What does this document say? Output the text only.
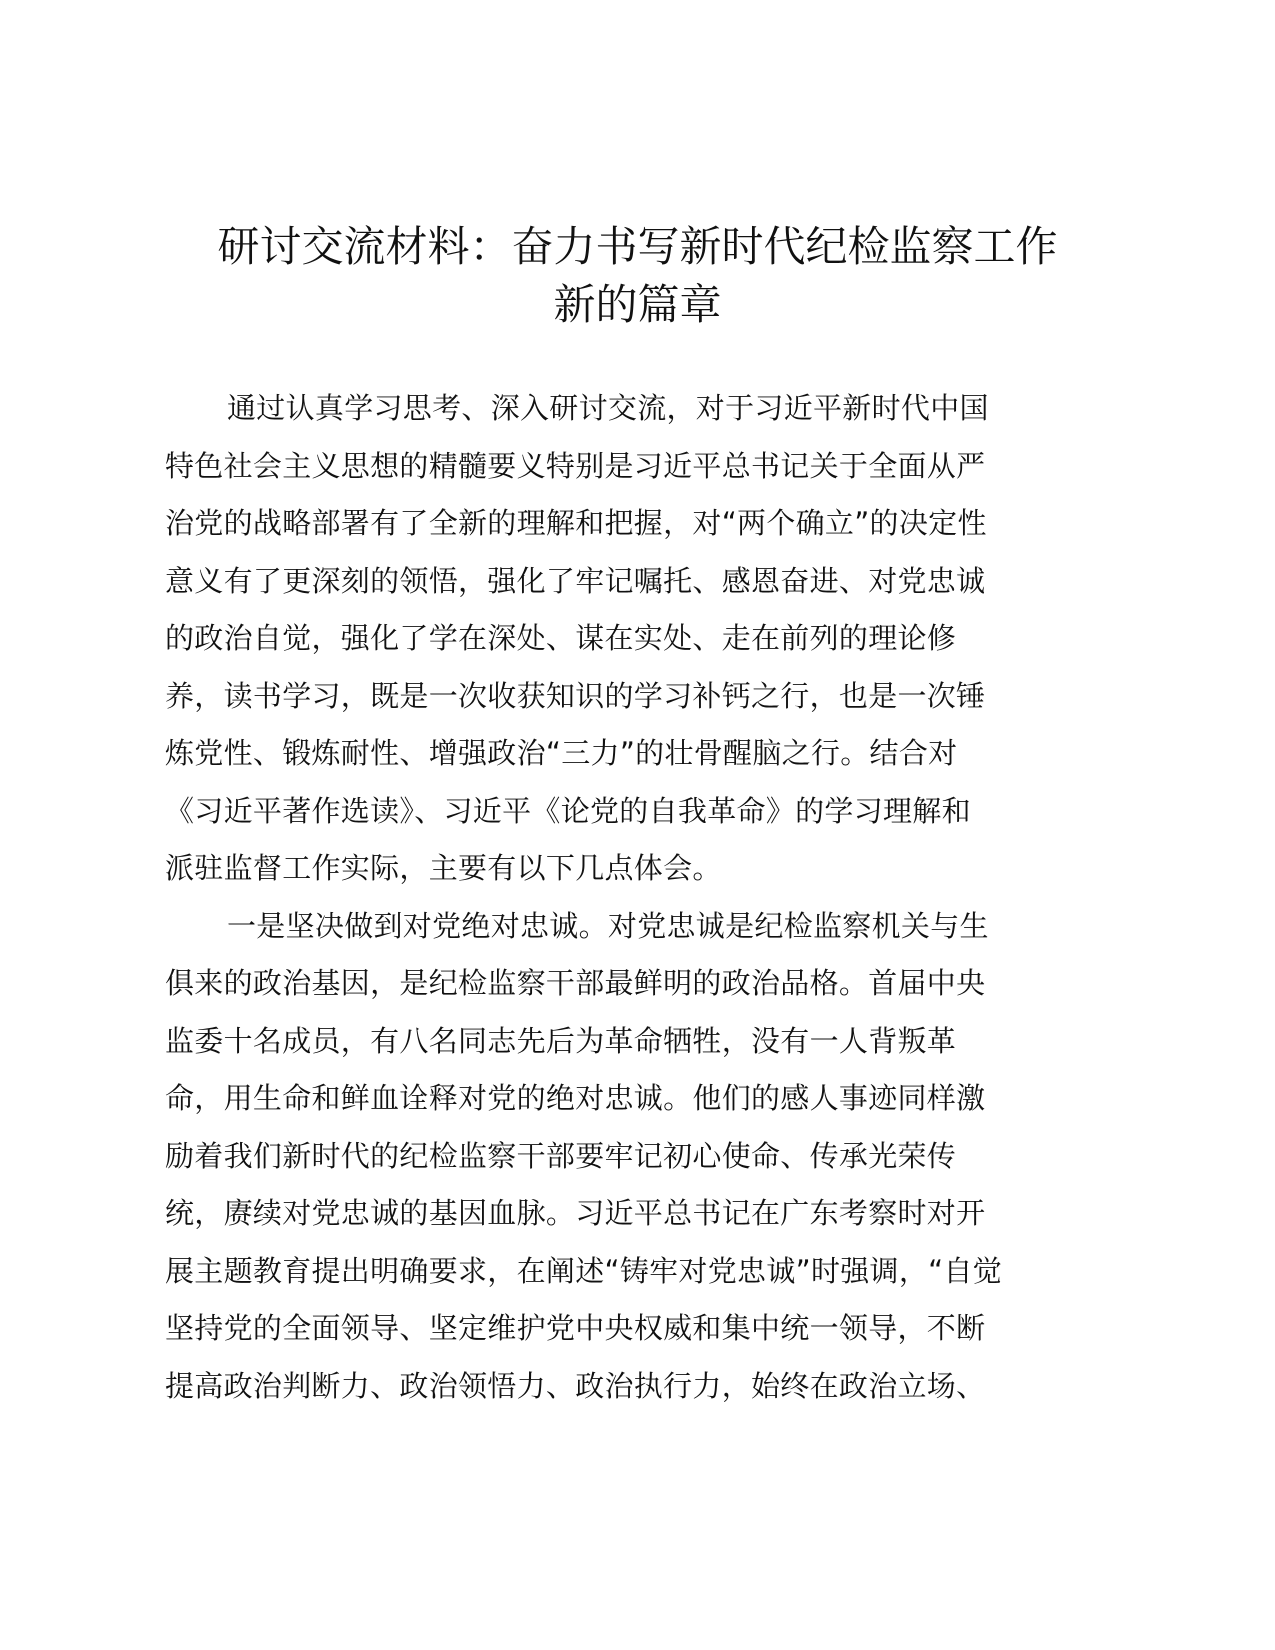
研讨交流材料：奋力书写新时代纪检监察工作
新的篇章
通过认真学习思考、深入研讨交流，对于习近平新时代中国
特色社会主义思想的精髓要义特别是习近平总书记关于全面从严
治党的战略部署有了全新的理解和把握，对“两个确立”的决定性
意义有了更深刻的领悟，强化了牢记嘱托、感恩奋进、对党忠诚
的政治自觉，强化了学在深处、谋在实处、走在前列的理论修
养，读书学习，既是一次收获知识的学习补钙之行，也是一次锤
炼党性、锻炼耐性、增强政治“三力”的壮骨醒脑之行。结合对
《习近平著作选读》、习近平《论党的自我革命》的学习理解和
派驻监督工作实际，主要有以下几点体会。
一是坚决做到对党绝对忠诚。对党忠诚是纪检监察机关与生
俱来的政治基因，是纪检监察干部最鲜明的政治品格。首届中央
监委十名成员，有八名同志先后为革命牺牲，没有一人背叛革
命，用生命和鲜血诠释对党的绝对忠诚。他们的感人事迹同样激
励着我们新时代的纪检监察干部要牢记初心使命、传承光荣传
统，赓续对党忠诚的基因血脉。习近平总书记在广东考察时对开
展主题教育提出明确要求，在阐述“铸牢对党忠诚”时强调，“自觉
坚持党的全面领导、坚定维护党中央权威和集中统一领导，不断
提高政治判断力、政治领悟力、政治执行力，始终在政治立场、
